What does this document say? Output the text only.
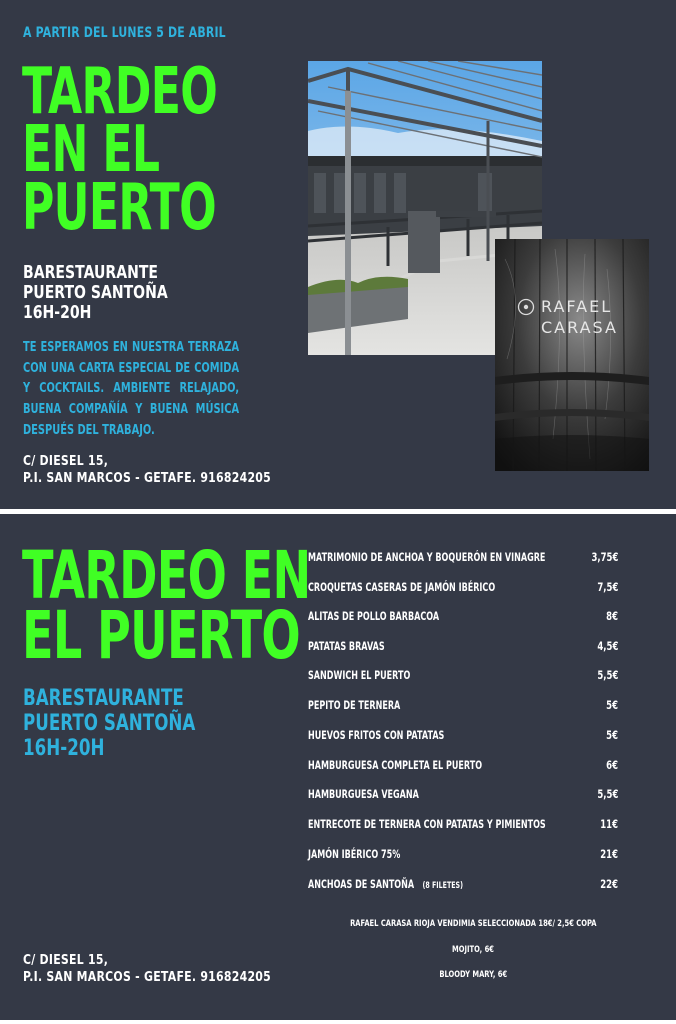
A PARTIR DEL LUNES 5 DE ABRIL
TARDEO
EN EL
PUERTO
BARESTAURANTE
PUERTO SANTOÑA
16H-20H
TE ESPERAMOS EN NUESTRA TERRAZA CON UNA CARTA ESPECIAL DE COMIDA Y COCKTAILS. AMBIENTE RELAJADO, BUENA COMPAÑÍA Y BUENA MÚSICA DESPUÉS DEL TRABAJO.
C/ DIESEL 15,
P.I. SAN MARCOS - GETAFE. 916824205
RAFAEL
CARASA
TARDEO EN
EL PUERTO
BARESTAURANTE
PUERTO SANTOÑA
16H-20H
C/ DIESEL 15,
P.I. SAN MARCOS - GETAFE. 916824205
MATRIMONIO DE ANCHOA Y BOQUERÓN EN VINAGRE	3,75€
CROQUETAS CASERAS DE JAMÓN IBÉRICO	7,5€
ALITAS DE POLLO BARBACOA	8€
PATATAS BRAVAS	4,5€
SANDWICH EL PUERTO	5,5€
PEPITO DE TERNERA	5€
HUEVOS FRITOS CON PATATAS	5€
HAMBURGUESA COMPLETA EL PUERTO	6€
HAMBURGUESA VEGANA	5,5€
ENTRECOTE DE TERNERA CON PATATAS Y PIMIENTOS	11€
JAMÓN IBÉRICO 75%	21€
ANCHOAS DE SANTOÑA (8 FILETES)	22€
RAFAEL CARASA RIOJA VENDIMIA SELECCIONADA 18€/ 2,5€ COPA
MOJITO, 6€
BLOODY MARY, 6€
